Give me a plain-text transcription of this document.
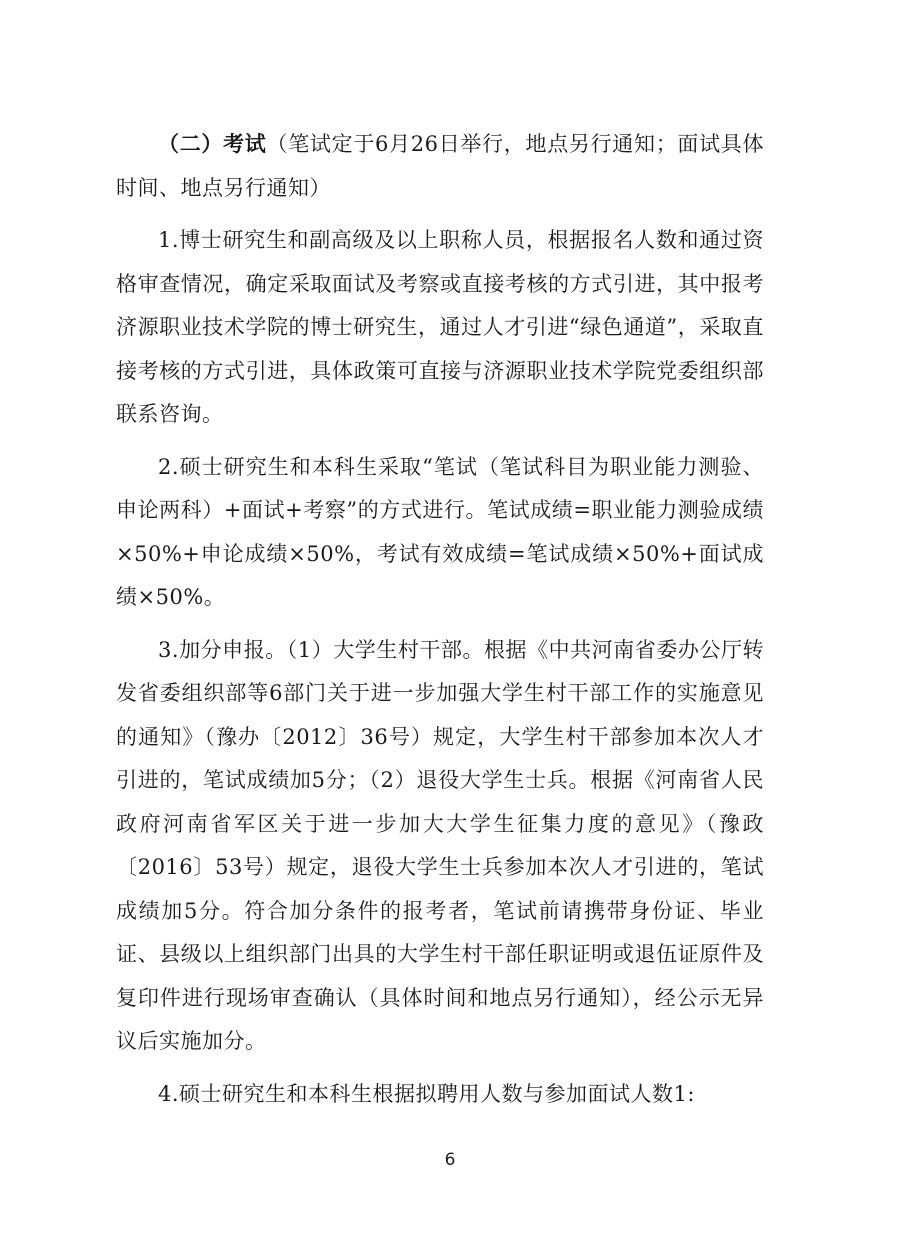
（二）考试（笔试定于6月26日举行，地点另行通知；面试具体时间、地点另行通知）

1.博士研究生和副高级及以上职称人员，根据报名人数和通过资格审查情况，确定采取面试及考察或直接考核的方式引进，其中报考济源职业技术学院的博士研究生，通过人才引进“绿色通道”，采取直接考核的方式引进，具体政策可直接与济源职业技术学院党委组织部联系咨询。

2.硕士研究生和本科生采取“笔试（笔试科目为职业能力测验、申论两科）+面试+考察”的方式进行。笔试成绩=职业能力测验成绩×50%+申论成绩×50%，考试有效成绩=笔试成绩×50%+面试成绩×50%。

3.加分申报。（1）大学生村干部。根据《中共河南省委办公厅转发省委组织部等6部门关于进一步加强大学生村干部工作的实施意见的通知》（豫办〔2012〕36号）规定，大学生村干部参加本次人才引进的，笔试成绩加5分；（2）退役大学生士兵。根据《河南省人民政府河南省军区关于进一步加大大学生征集力度的意见》（豫政〔2016〕53号）规定，退役大学生士兵参加本次人才引进的，笔试成绩加5分。符合加分条件的报考者，笔试前请携带身份证、毕业证、县级以上组织部门出具的大学生村干部任职证明或退伍证原件及复印件进行现场审查确认（具体时间和地点另行通知），经公示无异议后实施加分。

4.硕士研究生和本科生根据拟聘用人数与参加面试人数1:

6
